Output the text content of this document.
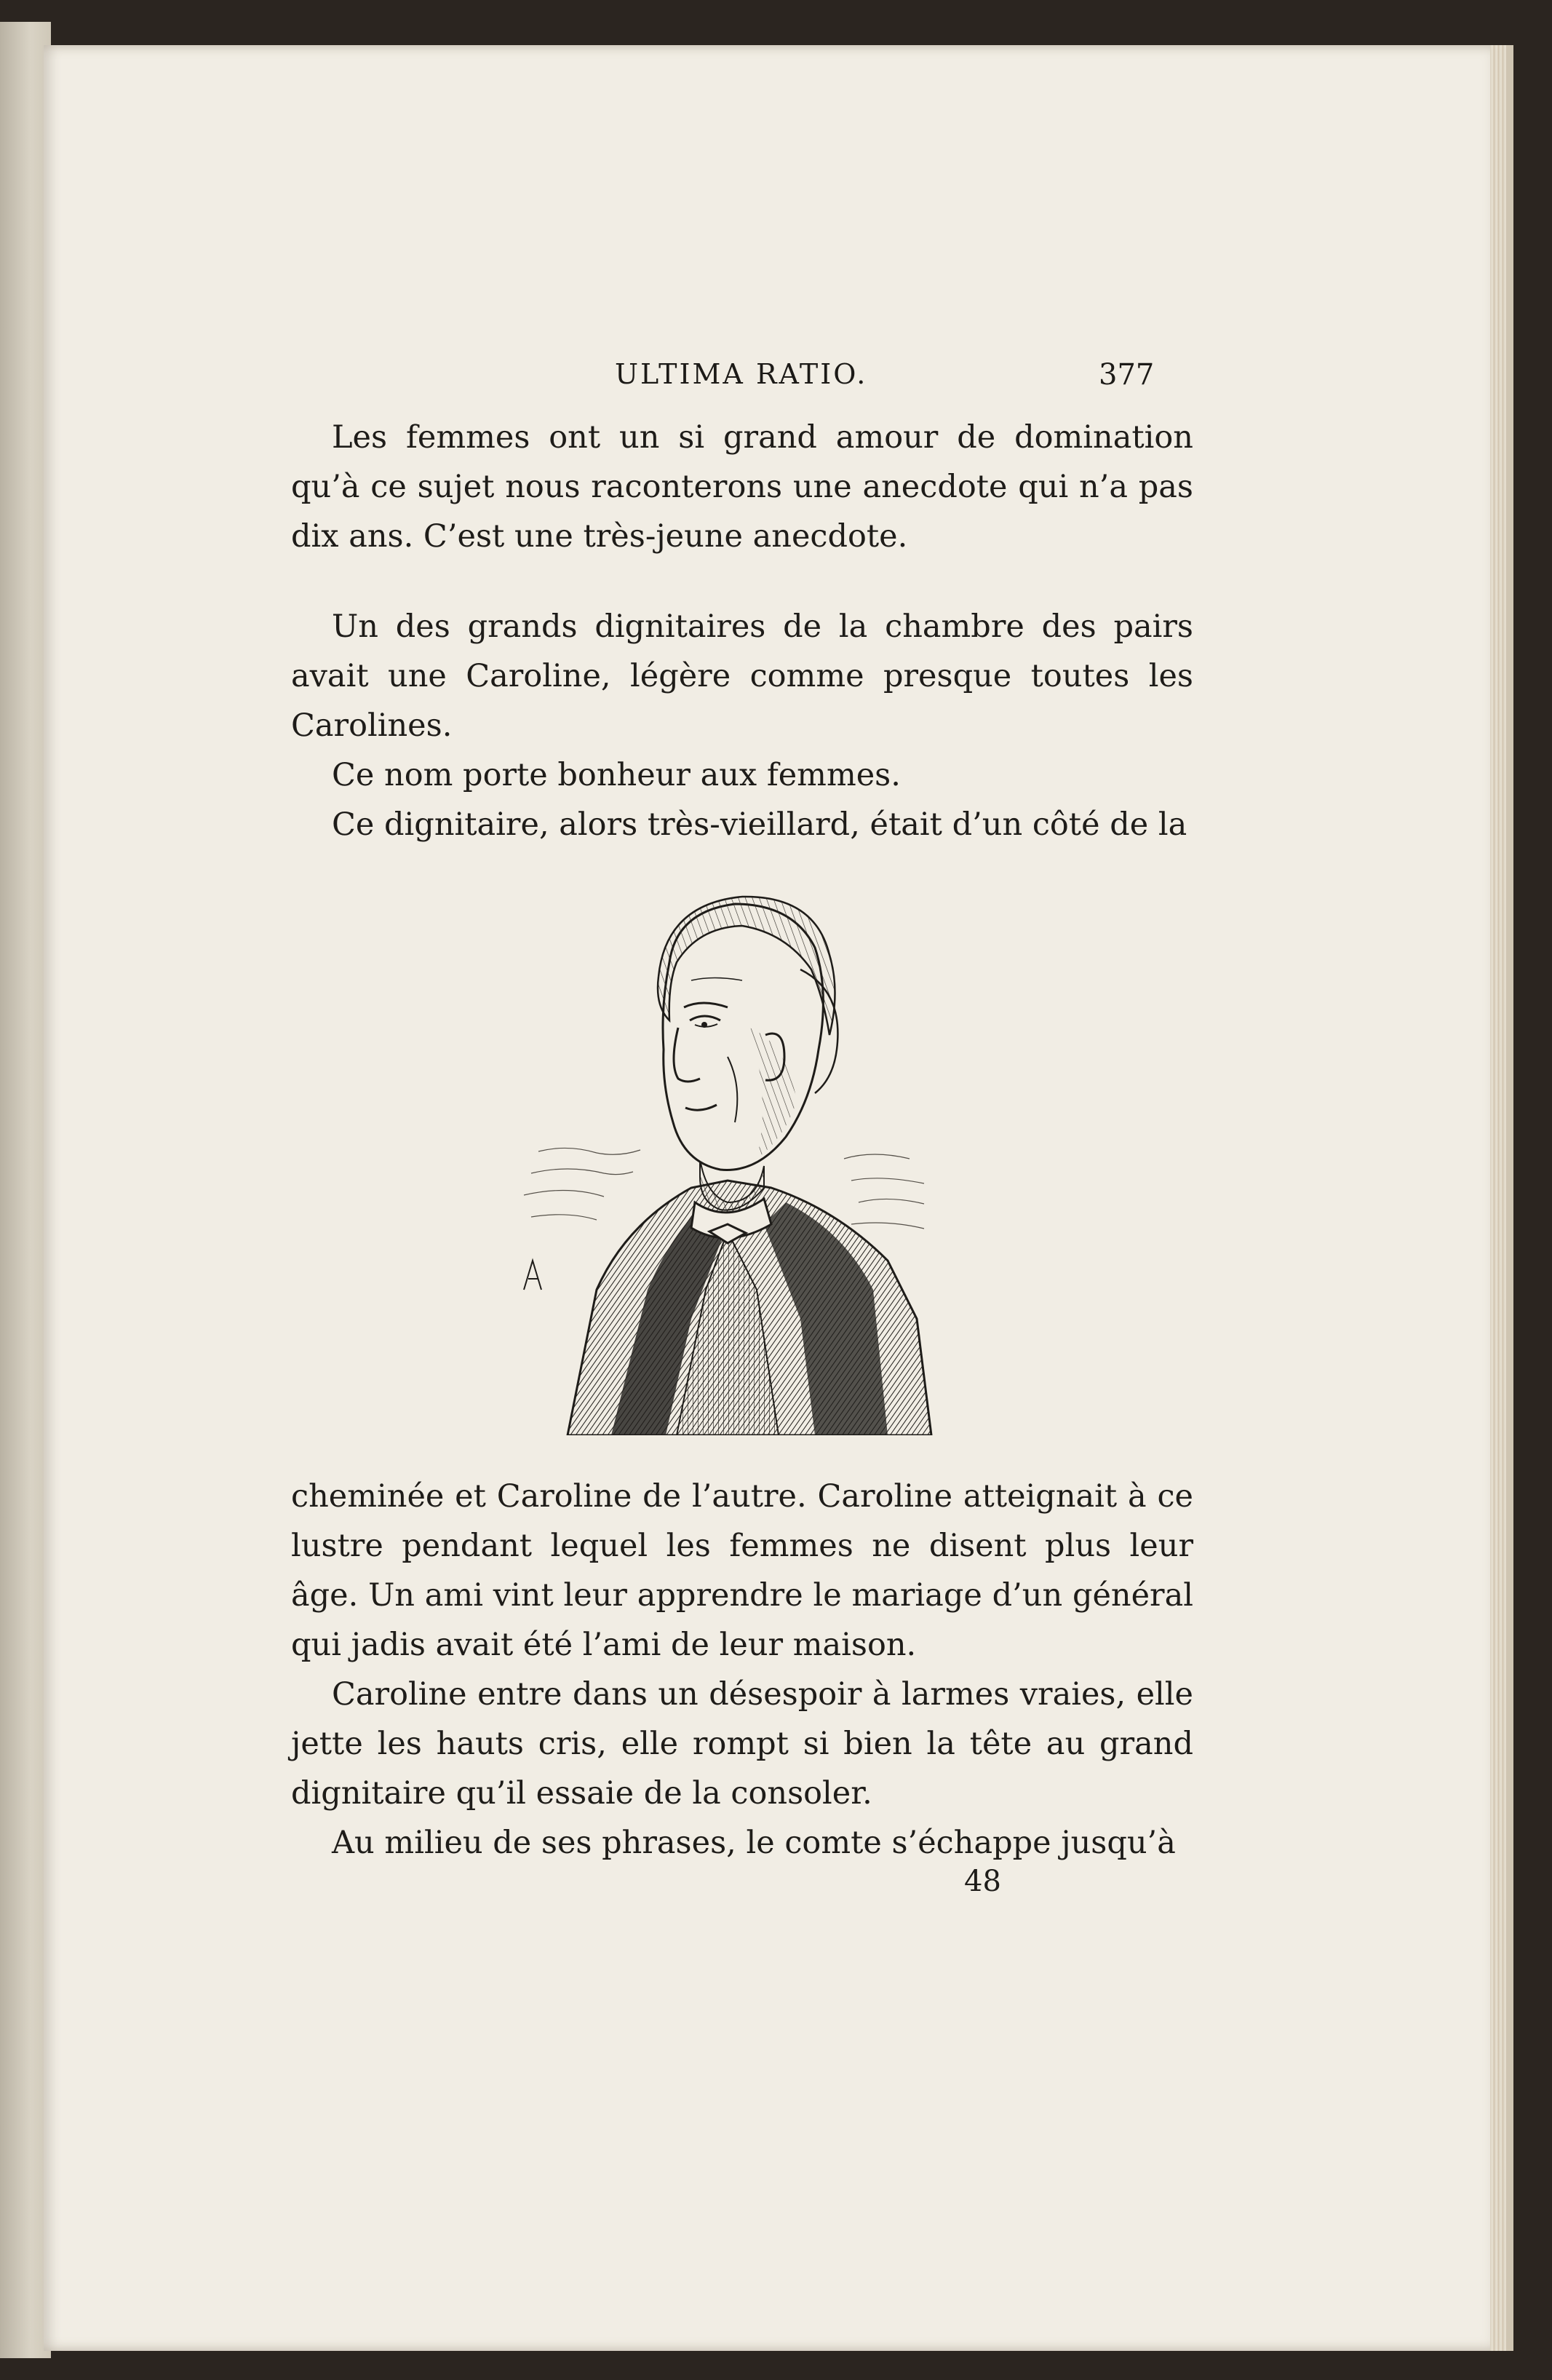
ULTIMA RATIO.	377

Les femmes ont un si grand amour de domination qu’à ce sujet nous raconterons une anecdote qui n’a pas dix ans. C’est une très-jeune anecdote.

Un des grands dignitaires de la chambre des pairs avait une Caroline, légère comme presque toutes les Carolines.

Ce nom porte bonheur aux femmes.

Ce dignitaire, alors très-vieillard, était d’un côté de la

cheminée et Caroline de l’autre. Caroline atteignait à ce lustre pendant lequel les femmes ne disent plus leur âge. Un ami vint leur apprendre le mariage d’un général qui jadis avait été l’ami de leur maison.

Caroline entre dans un désespoir à larmes vraies, elle jette les hauts cris, elle rompt si bien la tête au grand dignitaire qu’il essaie de la consoler.

Au milieu de ses phrases, le comte s’échappe jusqu’à

48
